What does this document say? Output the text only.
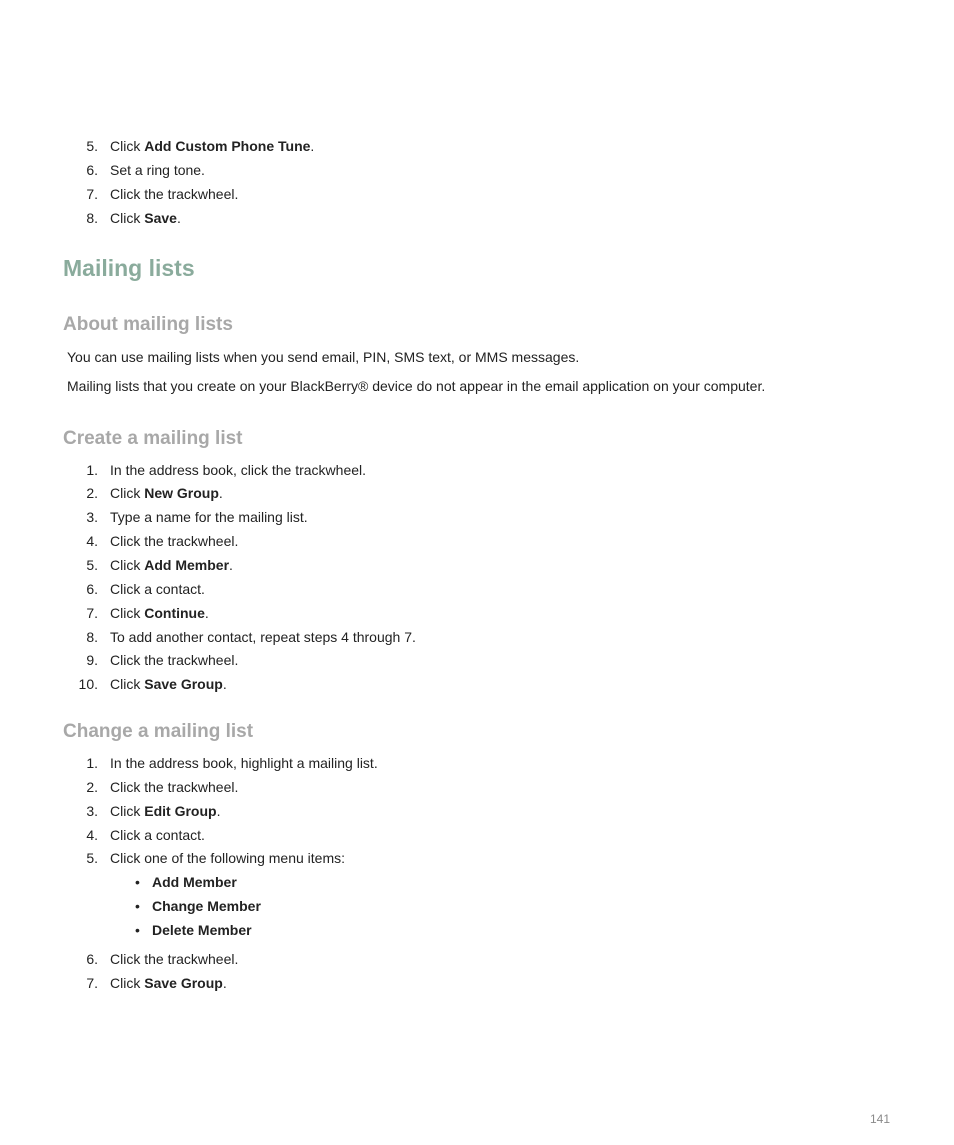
5. Click Add Custom Phone Tune.
6. Set a ring tone.
7. Click the trackwheel.
8. Click Save.
Mailing lists
About mailing lists
You can use mailing lists when you send email, PIN, SMS text, or MMS messages.
Mailing lists that you create on your BlackBerry® device do not appear in the email application on your computer.
Create a mailing list
1. In the address book, click the trackwheel.
2. Click New Group.
3. Type a name for the mailing list.
4. Click the trackwheel.
5. Click Add Member.
6. Click a contact.
7. Click Continue.
8. To add another contact, repeat steps 4 through 7.
9. Click the trackwheel.
10. Click Save Group.
Change a mailing list
1. In the address book, highlight a mailing list.
2. Click the trackwheel.
3. Click Edit Group.
4. Click a contact.
5. Click one of the following menu items:
• Add Member
• Change Member
• Delete Member
6. Click the trackwheel.
7. Click Save Group.
141
